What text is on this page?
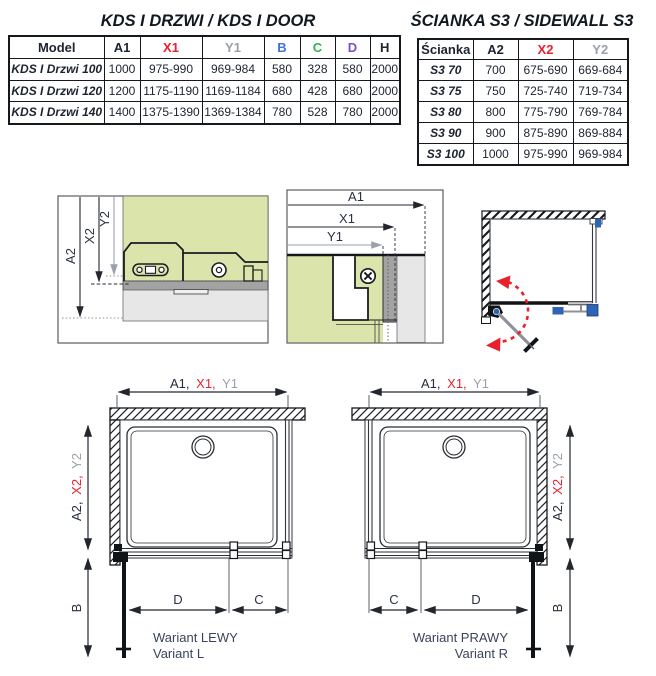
KDS I DRZWI / KDS I DOOR	ŚCIANKA S3 / SIDEWALL S3
Model	A1	X1	Y1	B	C	D	H
KDS I Drzwi 100	1000	975-990	969-984	580	328	580	2000
KDS I Drzwi 120	1200	1175-1190	1169-1184	680	428	680	2000
KDS I Drzwi 140	1400	1375-1390	1369-1384	780	528	780	2000
Ścianka	A2	X2	Y2
S3 70	700	675-690	669-684
S3 75	750	725-740	719-734
S3 80	800	775-790	769-784
S3 90	900	875-890	869-884
S3 100	1000	975-990	969-984
A2
X2
Y2
A1
X1
Y1
A1, X1, Y1
D	C
A2, X2, Y2
B
Wariant LEWY
Variant L
A1, X1, Y1
C	D
A2, X2, Y2
B
Wariant PRAWY
Variant R
